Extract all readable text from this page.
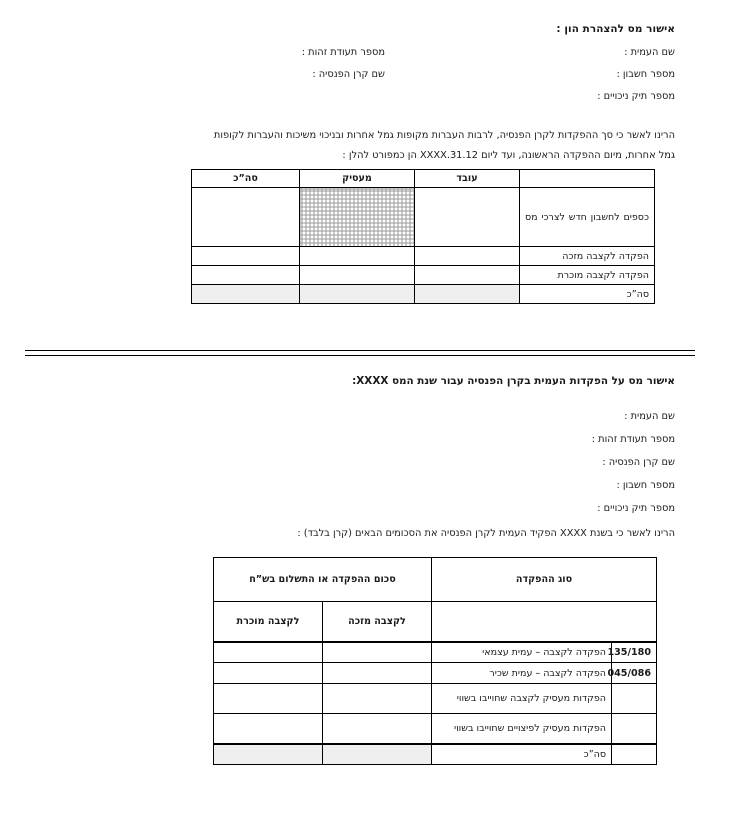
אישור מס להצהרת הון :
שם העמית :
מספר חשבון :
מספר תיק ניכויים :
מספר תעודת זהות :
שם קרן הפנסיה :
הרינו לאשר כי סך ההפקדות לקרן הפנסיה, לרבות העברות מקופות גמל אחרות ובניכוי משיכות והעברות לקופות
גמל אחרות, מיום ההפקדה הראשונה, ועד ליום 31.12.XXXX הן כמפורט להלן :
	עובד	מעסיק	סה”כ
כספים לחשבון חדש לצרכי מס			
הפקדה לקצבה מזכה			
הפקדה לקצבה מוכרת			
סה”כ			
אישור מס על הפקדות העמית בקרן הפנסיה עבור שנת המס XXXX:
שם העמית :
מספר תעודת זהות :
שם קרן הפנסיה :
מספר חשבון :
מספר תיק ניכויים :
הרינו לאשר כי בשנת XXXX הפקיד העמית לקרן הפנסיה את הסכומים הבאים (קרן בלבד) :
סוג ההפקדה		סכום ההפקדה או התשלום בש”ח	
		לקצבה מזכה	לקצבה מוכרת
135/180	הפקדה לקצבה – עמית עצמאי		
045/086	הפקדה לקצבה – עמית שכיר		
	הפקדות מעסיק לקצבה שחוייבו בשווי		
	הפקדות מעסיק לפיצויים שחוייבו בשווי		
	סה”כ		
